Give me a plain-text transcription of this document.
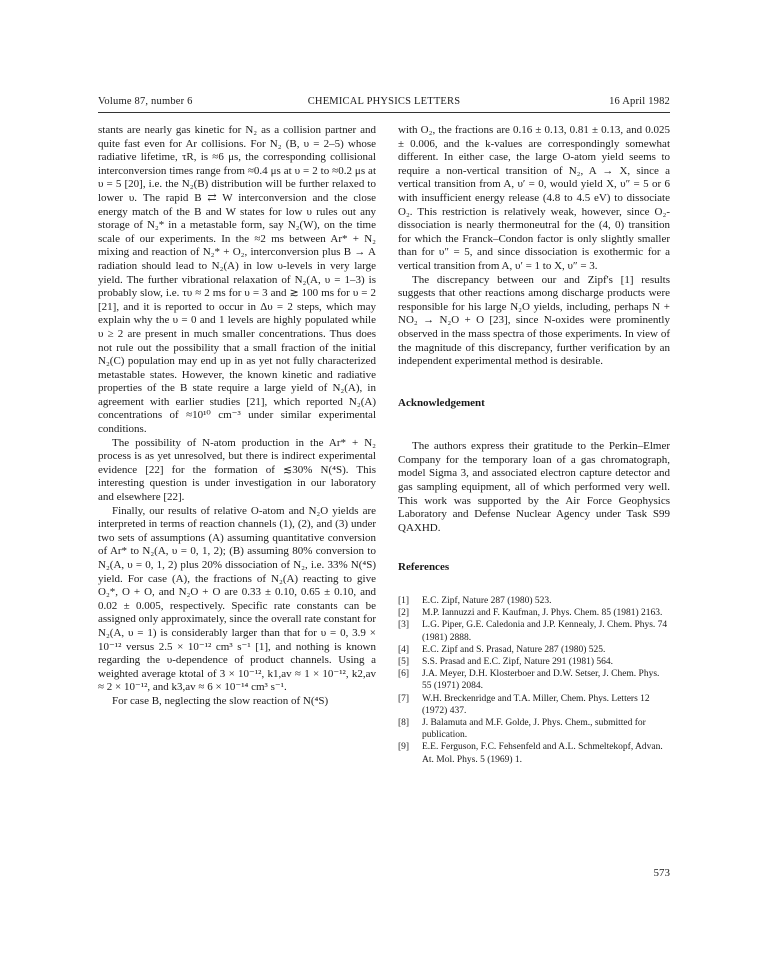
Volume 87, number 6	CHEMICAL PHYSICS LETTERS	16 April 1982

stants are nearly gas kinetic for N₂ as a collision partner and quite fast even for Ar collisions. For N₂ (B, υ = 2–5) whose radiative lifetime, τR, is ≈6 μs, the corresponding collisional interconversion times range from ≈0.4 μs at υ = 2 to ≈0.2 μs at υ = 5 [20], i.e. the N₂(B) distribution will be further relaxed to lower υ. The rapid B ⇄ W interconversion and the close energy match of the B and W states for low υ rules out any storage of N₂* in a metastable form, say N₂(W), on the time scale of our experiments. In the ≈2 ms between Ar* + N₂ mixing and reaction of N₂* + O₂, interconversion plus B → A radiation should lead to N₂(A) in low υ-levels in very large yield. The further vibrational relaxation of N₂(A, υ = 1–3) is probably slow, i.e. τυ ≈ 2 ms for υ = 3 and ≳ 100 ms for υ = 2 [21], and it is reported to occur in Δυ = 2 steps, which may explain why the υ = 0 and 1 levels are highly populated while υ ≥ 2 are present in much smaller concentrations. Thus does not rule out the possibility that a small fraction of the initial N₂(C) population may end up in as yet not fully characterized metastable states. However, the known kinetic and radiative properties of the B state require a large yield of N₂(A), in agreement with earlier studies [21], which reported N₂(A) concentrations of ≈10¹⁰ cm⁻³ under similar experimental conditions.

The possibility of N-atom production in the Ar* + N₂ process is as yet unresolved, but there is indirect experimental evidence [22] for the formation of ≲30% N(⁴S). This interesting question is under investigation in our laboratory and elsewhere [22].

Finally, our results of relative O-atom and N₂O yields are interpreted in terms of reaction channels (1), (2), and (3) under two sets of assumptions (A) assuming quantitative conversion of Ar* to N₂(A, υ = 0, 1, 2); (B) assuming 80% conversion to N₂(A, υ = 0, 1, 2) plus 20% dissociation of N₂, i.e. 33% N(⁴S) yield. For case (A), the fractions of N₂(A) reacting to give O₂*, O + O, and N₂O + O are 0.33 ± 0.10, 0.65 ± 0.10, and 0.02 ± 0.005, respectively. Specific rate constants can be assigned only approximately, since the overall rate constant for N₂(A, υ = 1) is considerably larger than that for υ = 0, 3.9 × 10⁻¹² versus 2.5 × 10⁻¹² cm³ s⁻¹ [1], and nothing is known regarding the υ-dependence of product channels. Using a weighted average ktotal of 3 × 10⁻¹², k1,av ≈ 1 × 10⁻¹², k2,av ≈ 2 × 10⁻¹², and k3,av ≈ 6 × 10⁻¹⁴ cm³ s⁻¹.

For case B, neglecting the slow reaction of N(⁴S)

with O₂, the fractions are 0.16 ± 0.13, 0.81 ± 0.13, and 0.025 ± 0.006, and the k-values are correspondingly somewhat different. In either case, the large O-atom yield seems to require a non-vertical transition of N₂, A → X, since a vertical transition from A, υ′ = 0, would yield X, υ″ = 5 or 6 with insufficient energy release (4.8 to 4.5 eV) to dissociate O₂. This restriction is relatively weak, however, since O₂-dissociation is nearly thermoneutral for the (4, 0) transition for which the Franck–Condon factor is only slightly smaller than for υ″ = 5, and since dissociation is exothermic for a vertical transition from A, υ′ = 1 to X, υ″ = 3.

The discrepancy between our and Zipf's [1] results suggests that other reactions among discharge products were responsible for his large N₂O yields, including, perhaps N + NO₂ → N₂O + O [23], since N-oxides were prominently observed in the mass spectra of those experiments. In view of the magnitude of this discrepancy, further verification by an independent experimental method is desirable.

Acknowledgement

The authors express their gratitude to the Perkin–Elmer Company for the temporary loan of a gas chromatograph, model Sigma 3, and associated electron capture detector and gas sampling equipment, all of which performed very well. This work was supported by the Air Force Geophysics Laboratory and Defense Nuclear Agency under Task S99 QAXHD.

References

[1] E.C. Zipf, Nature 287 (1980) 523.
[2] M.P. Iannuzzi and F. Kaufman, J. Phys. Chem. 85 (1981) 2163.
[3] L.G. Piper, G.E. Caledonia and J.P. Kennealy, J. Chem. Phys. 74 (1981) 2888.
[4] E.C. Zipf and S. Prasad, Nature 287 (1980) 525.
[5] S.S. Prasad and E.C. Zipf, Nature 291 (1981) 564.
[6] J.A. Meyer, D.H. Klosterboer and D.W. Setser, J. Chem. Phys. 55 (1971) 2084.
[7] W.H. Breckenridge and T.A. Miller, Chem. Phys. Letters 12 (1972) 437.
[8] J. Balamuta and M.F. Golde, J. Phys. Chem., submitted for publication.
[9] E.E. Ferguson, F.C. Fehsenfeld and A.L. Schmeltekopf, Advan. At. Mol. Phys. 5 (1969) 1.
573
